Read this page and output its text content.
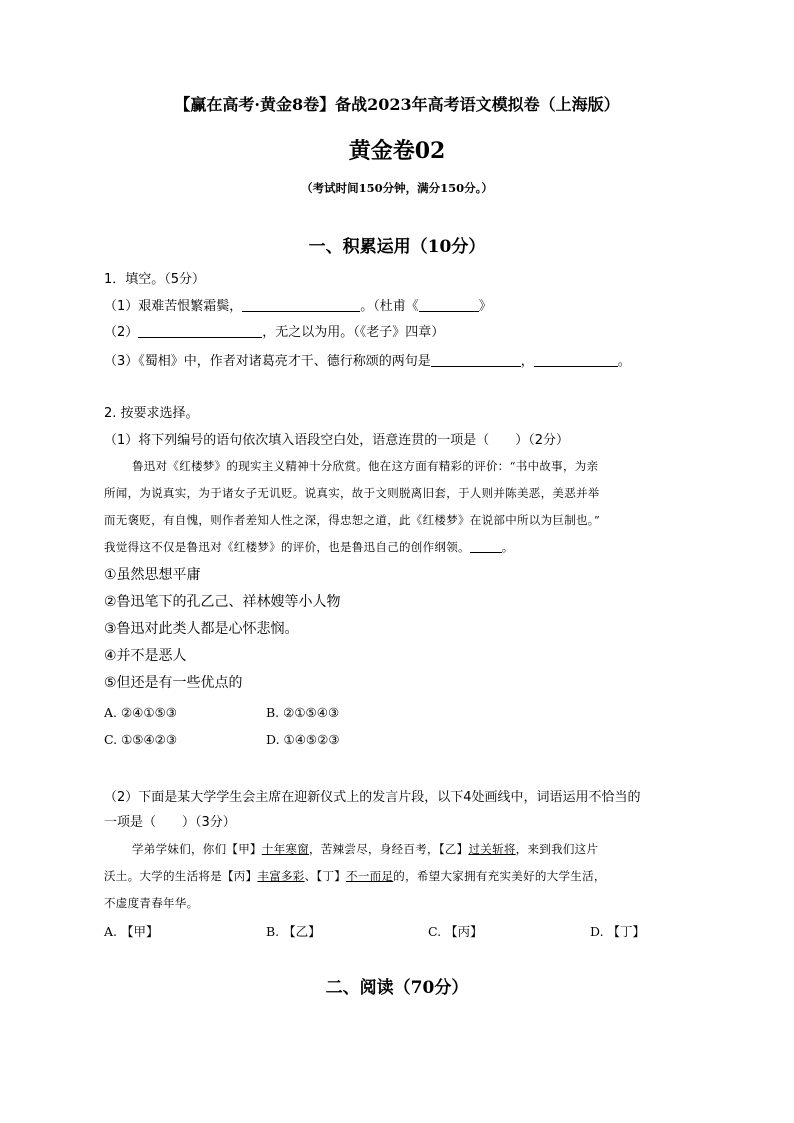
【赢在高考·黄金8卷】备战2023年高考语文模拟卷（上海版）
黄金卷02
（考试时间150分钟，满分150分。）
一、积累运用（10分）
1．填空。（5分）
（1）艰难苦恨繁霜鬓，	。（杜甫《	》
（2）	，无之以为用。（《老子》四章）
（3）《蜀相》中，作者对诸葛亮才干、德行称颂的两句是	，	。
2. 按要求选择。
（1）将下列编号的语句依次填入语段空白处，语意连贯的一项是（　　）（2分）
鲁迅对《红楼梦》的现实主义精神十分欣赏。他在这方面有精彩的评价：“书中故事，为亲
所闻，为说真实，为于诸女子无讥贬。说真实，故于文则脱离旧套，于人则并陈美恶，美恶并举
而无褒贬，有自愧，则作者差知人性之深，得忠恕之道，此《红楼梦》在说部中所以为巨制也。”
我觉得这不仅是鲁迅对《红楼梦》的评价，也是鲁迅自己的创作纲领。	。
①虽然思想平庸
②鲁迅笔下的孔乙己、祥林嫂等小人物
③鲁迅对此类人都是心怀悲悯。
④并不是恶人
⑤但还是有一些优点的
A. ②④①⑤③	B. ②①⑤④③
C. ①⑤④②③	D. ①④⑤②③
（2）下面是某大学学生会主席在迎新仪式上的发言片段，以下4处画线中，词语运用不恰当的
一项是（　　）（3分）
学弟学妹们，你们【甲】十年寒窗，苦辣尝尽，身经百考，【乙】过关斩将，来到我们这片
沃土。大学的生活将是【丙】丰富多彩、【丁】不一而足的，希望大家拥有充实美好的大学生活，
不虚度青春年华。
A. 【甲】	B. 【乙】	C. 【丙】	D. 【丁】
二、阅读（70分）
